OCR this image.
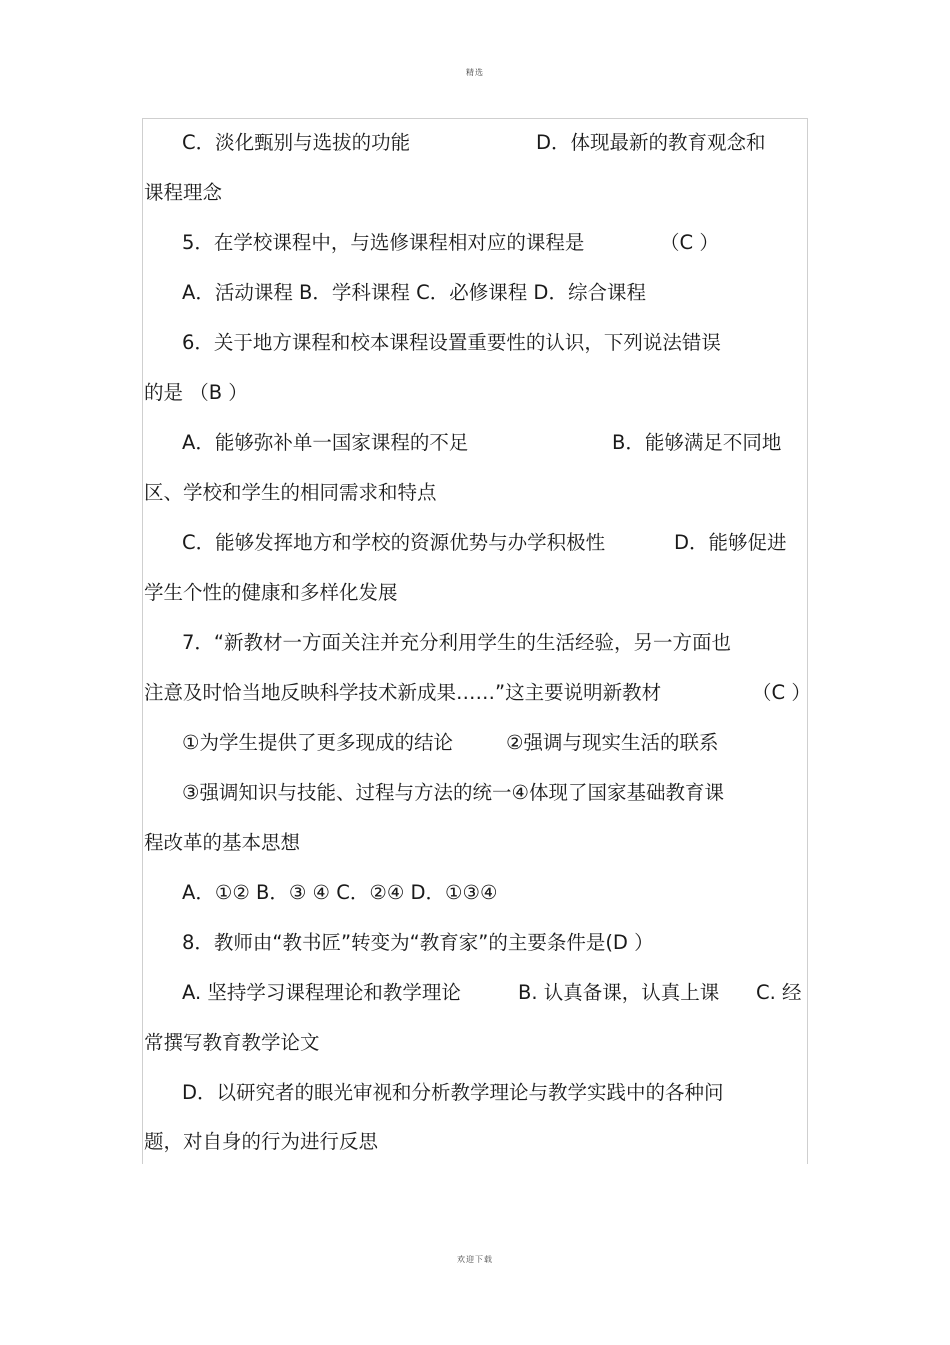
精选
C．淡化甄别与选拔的功能	D．体现最新的教育观念和
课程理念
5．在学校课程中，与选修课程相对应的课程是	（C ）
A．活动课程 B．学科课程 C．必修课程 D．综合课程
6．关于地方课程和校本课程设置重要性的认识，下列说法错误
的是 （B ）
A．能够弥补单一国家课程的不足	B．能够满足不同地
区、学校和学生的相同需求和特点
C．能够发挥地方和学校的资源优势与办学积极性	D．能够促进
学生个性的健康和多样化发展
7．“新教材一方面关注并充分利用学生的生活经验，另一方面也
注意及时恰当地反映科学技术新成果……”这主要说明新教材	（C ）
①为学生提供了更多现成的结论	②强调与现实生活的联系
③强调知识与技能、过程与方法的统一④体现了国家基础教育课
程改革的基本思想
A．①② B．③ ④ C．②④ D．①③④
8．教师由“教书匠”转变为“教育家”的主要条件是(D ）
A. 坚持学习课程理论和教学理论	B. 认真备课，认真上课 C. 经
常撰写教育教学论文
D．以研究者的眼光审视和分析教学理论与教学实践中的各种问
题，对自身的行为进行反思
欢迎下载
